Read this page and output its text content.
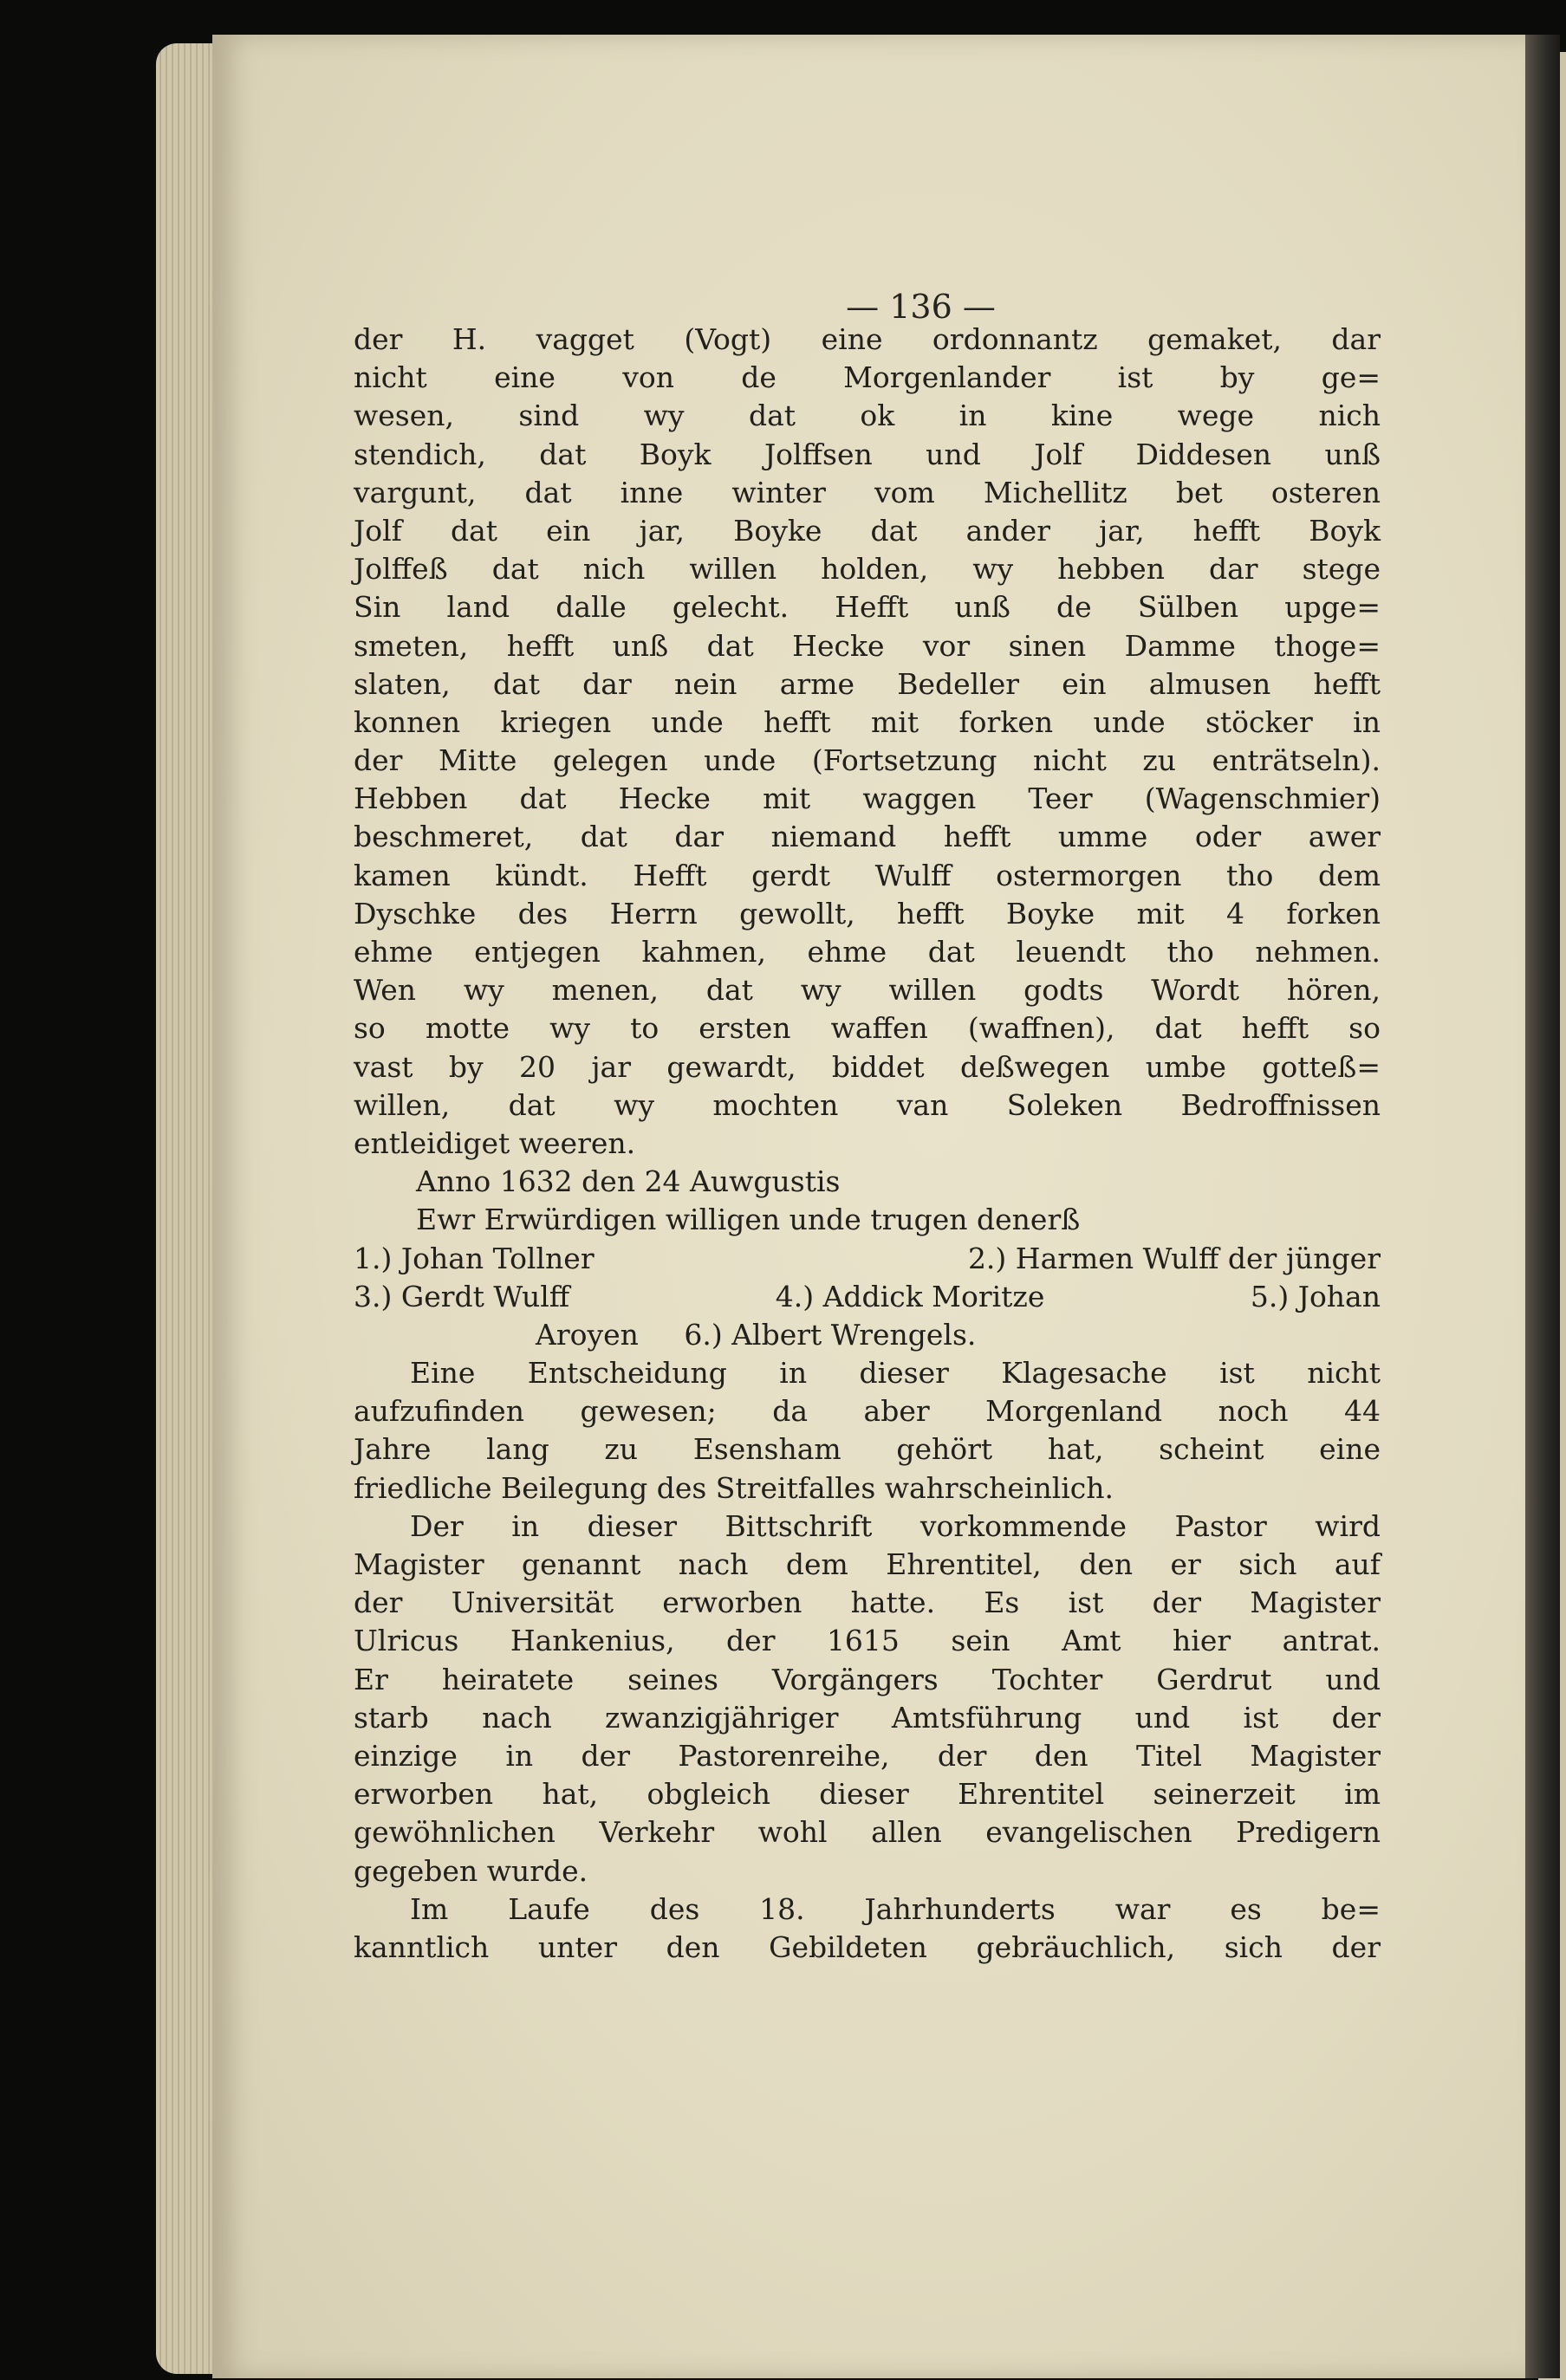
— 136 —
der H. vagget (Vogt) eine ordonnantz gemaket, dar
nicht eine von de Morgenlander ist by ge=
wesen, sind wy dat ok in kine wege nich
stendich, dat Boyk Jolffsen und Jolf Diddesen unß
vargunt, dat inne winter vom Michellitz bet osteren
Jolf dat ein jar, Boyke dat ander jar, hefft Boyk
Jolffeß dat nich willen holden, wy hebben dar stege
Sin land dalle gelecht. Hefft unß de Sülben upge=
smeten, hefft unß dat Hecke vor sinen Damme thoge=
slaten, dat dar nein arme Bedeller ein almusen hefft
konnen kriegen unde hefft mit forken unde stöcker in
der Mitte gelegen unde (Fortsetzung nicht zu enträtseln).
Hebben dat Hecke mit waggen Teer (Wagenschmier)
beschmeret, dat dar niemand hefft umme oder awer
kamen kündt. Hefft gerdt Wulff ostermorgen tho dem
Dyschke des Herrn gewollt, hefft Boyke mit 4 forken
ehme entjegen kahmen, ehme dat leuendt tho nehmen.
Wen wy menen, dat wy willen godts Wordt hören,
so motte wy to ersten waffen (waffnen), dat hefft so
vast by 20 jar gewardt, biddet deßwegen umbe gotteß=
willen, dat wy mochten van Soleken Bedroffnissen
entleidiget weeren.
Anno 1632 den 24 Auwgustis
Ewr Erwürdigen willigen unde trugen denerß
1.) Johan Tollner	2.) Harmen Wulff der jünger
3.) Gerdt Wulff	4.) Addick Moritze	5.) Johan
Aroyen 6.) Albert Wrengels.
Eine Entscheidung in dieser Klagesache ist nicht
aufzufinden gewesen; da aber Morgenland noch 44
Jahre lang zu Esensham gehört hat, scheint eine
friedliche Beilegung des Streitfalles wahrscheinlich.
Der in dieser Bittschrift vorkommende Pastor wird
Magister genannt nach dem Ehrentitel, den er sich auf
der Universität erworben hatte. Es ist der Magister
Ulricus Hankenius, der 1615 sein Amt hier antrat.
Er heiratete seines Vorgängers Tochter Gerdrut und
starb nach zwanzigjähriger Amtsführung und ist der
einzige in der Pastorenreihe, der den Titel Magister
erworben hat, obgleich dieser Ehrentitel seinerzeit im
gewöhnlichen Verkehr wohl allen evangelischen Predigern
gegeben wurde.
Im Laufe des 18. Jahrhunderts war es be=
kanntlich unter den Gebildeten gebräuchlich, sich der
